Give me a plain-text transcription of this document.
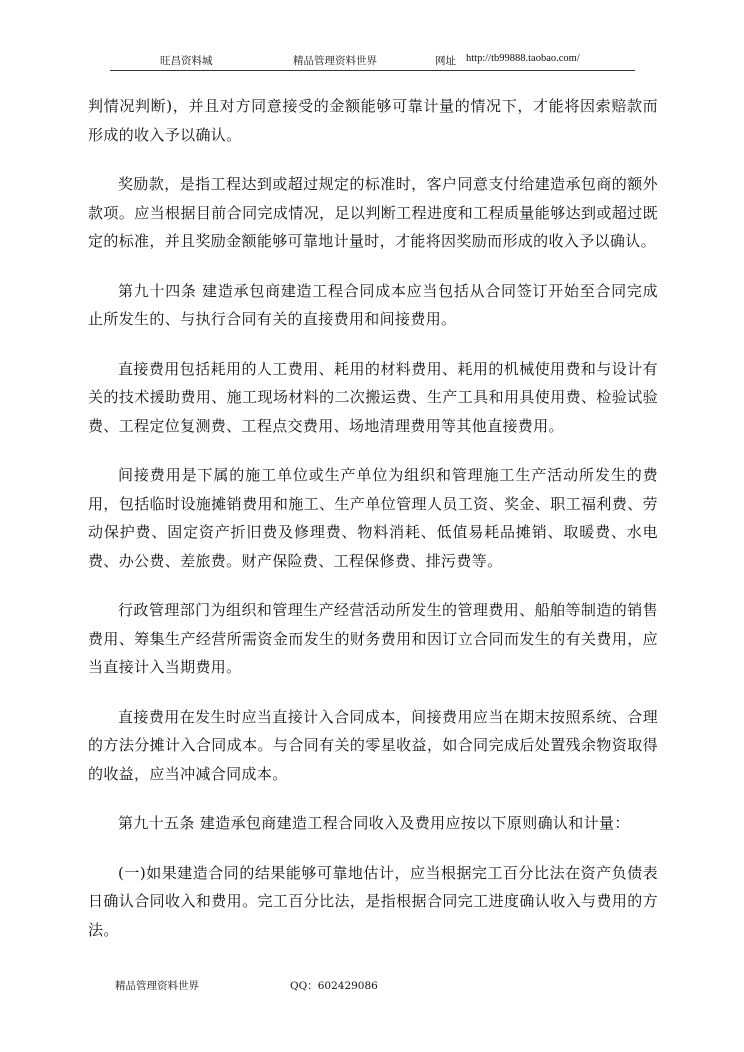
旺昌资料城	精品管理资料世界	网址 http://tb99888.taobao.com/

判情况判断)，并且对方同意接受的金额能够可靠计量的情况下，才能将因索赔款而形成的收入予以确认。

奖励款，是指工程达到或超过规定的标准时，客户同意支付给建造承包商的额外款项。应当根据目前合同完成情况，足以判断工程进度和工程质量能够达到或超过既定的标准，并且奖励金额能够可靠地计量时，才能将因奖励而形成的收入予以确认。

第九十四条 建造承包商建造工程合同成本应当包括从合同签订开始至合同完成止所发生的、与执行合同有关的直接费用和间接费用。

直接费用包括耗用的人工费用、耗用的材料费用、耗用的机械使用费和与设计有关的技术援助费用、施工现场材料的二次搬运费、生产工具和用具使用费、检验试验费、工程定位复测费、工程点交费用、场地清理费用等其他直接费用。

间接费用是下属的施工单位或生产单位为组织和管理施工生产活动所发生的费用，包括临时设施摊销费用和施工、生产单位管理人员工资、奖金、职工福利费、劳动保护费、固定资产折旧费及修理费、物料消耗、低值易耗品摊销、取暖费、水电费、办公费、差旅费。财产保险费、工程保修费、排污费等。

行政管理部门为组织和管理生产经营活动所发生的管理费用、船舶等制造的销售费用、筹集生产经营所需资金而发生的财务费用和因订立合同而发生的有关费用，应当直接计入当期费用。

直接费用在发生时应当直接计入合同成本，间接费用应当在期末按照系统、合理的方法分摊计入合同成本。与合同有关的零星收益，如合同完成后处置残余物资取得的收益，应当冲减合同成本。

第九十五条 建造承包商建造工程合同收入及费用应按以下原则确认和计量：

(一)如果建造合同的结果能够可靠地估计，应当根据完工百分比法在资产负债表日确认合同收入和费用。完工百分比法，是指根据合同完工进度确认收入与费用的方法。

精品管理资料世界	QQ：602429086
